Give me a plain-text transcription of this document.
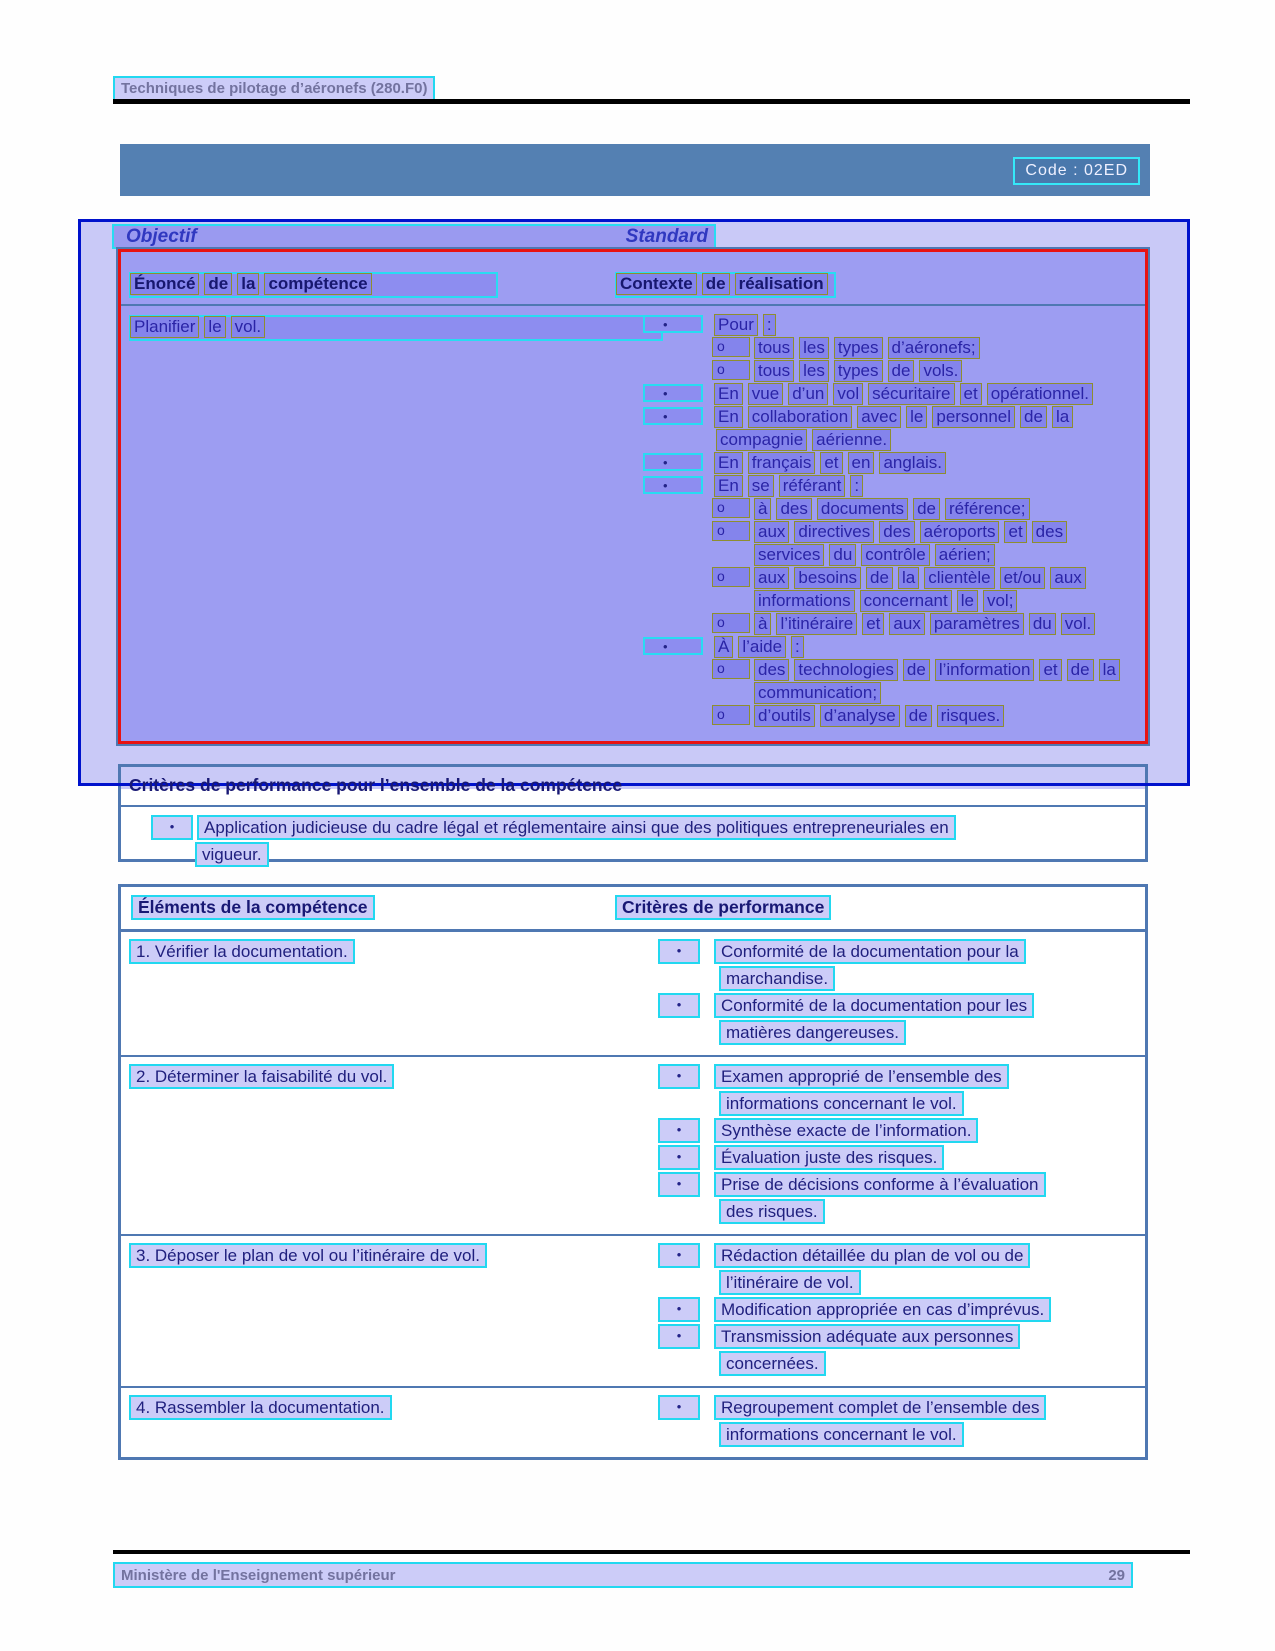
Techniques de pilotage d’aéronefs (280.F0)
Code : 02ED
Objectif	Standard
Énoncé de la compétence	Contexte de réalisation
Planifier le vol.	•	Pour :
o	tous les types d’aéronefs;
o	tous les types de vols.
•	En vue d’un vol sécuritaire et opérationnel.
•	En collaboration avec le personnel de la
compagnie aérienne.
•	En français et en anglais.
•	En se référant :
o	à des documents de référence;
o	aux directives des aéroports et des
services du contrôle aérien;
o	aux besoins de la clientèle et/ou aux
informations concernant le vol;
o	à l’itinéraire et aux paramètres du vol.
•	À l’aide :
o	des technologies de l’information et de la
communication;
o	d’outils d’analyse de risques.
Critères de performance pour l’ensemble de la compétence
•	Application judicieuse du cadre légal et réglementaire ainsi que des politiques entrepreneuriales en
vigueur.
Éléments de la compétence	Critères de performance
1. Vérifier la documentation.	•	Conformité de la documentation pour la
marchandise.
•	Conformité de la documentation pour les
matières dangereuses.
2. Déterminer la faisabilité du vol.	•	Examen approprié de l’ensemble des
informations concernant le vol.
•	Synthèse exacte de l’information.
•	Évaluation juste des risques.
•	Prise de décisions conforme à l’évaluation
des risques.
3. Déposer le plan de vol ou l’itinéraire de vol.	•	Rédaction détaillée du plan de vol ou de
l’itinéraire de vol.
•	Modification appropriée en cas d’imprévus.
•	Transmission adéquate aux personnes
concernées.
4. Rassembler la documentation.	•	Regroupement complet de l’ensemble des
informations concernant le vol.
Ministère de l'Enseignement supérieur	29
